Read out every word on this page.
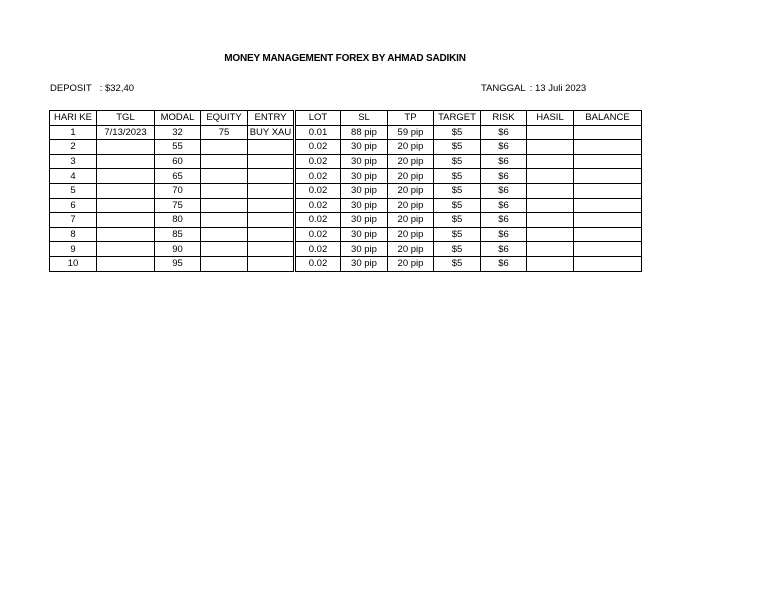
MONEY MANAGEMENT FOREX BY AHMAD SADIKIN
DEPOSIT : $32,40	TANGGAL : 13 Juli 2023
HARI KE	TGL	MODAL	EQUITY	ENTRY		LOT	SL	TP	TARGET	RISK	HASIL	BALANCE
1	7/13/2023	32	75	BUY XAU		0.01	88 pip	59 pip	$5	$6		
2		55				0.02	30 pip	20 pip	$5	$6		
3		60				0.02	30 pip	20 pip	$5	$6		
4		65				0.02	30 pip	20 pip	$5	$6		
5		70				0.02	30 pip	20 pip	$5	$6		
6		75				0.02	30 pip	20 pip	$5	$6		
7		80				0.02	30 pip	20 pip	$5	$6		
8		85				0.02	30 pip	20 pip	$5	$6		
9		90				0.02	30 pip	20 pip	$5	$6		
10		95				0.02	30 pip	20 pip	$5	$6		
